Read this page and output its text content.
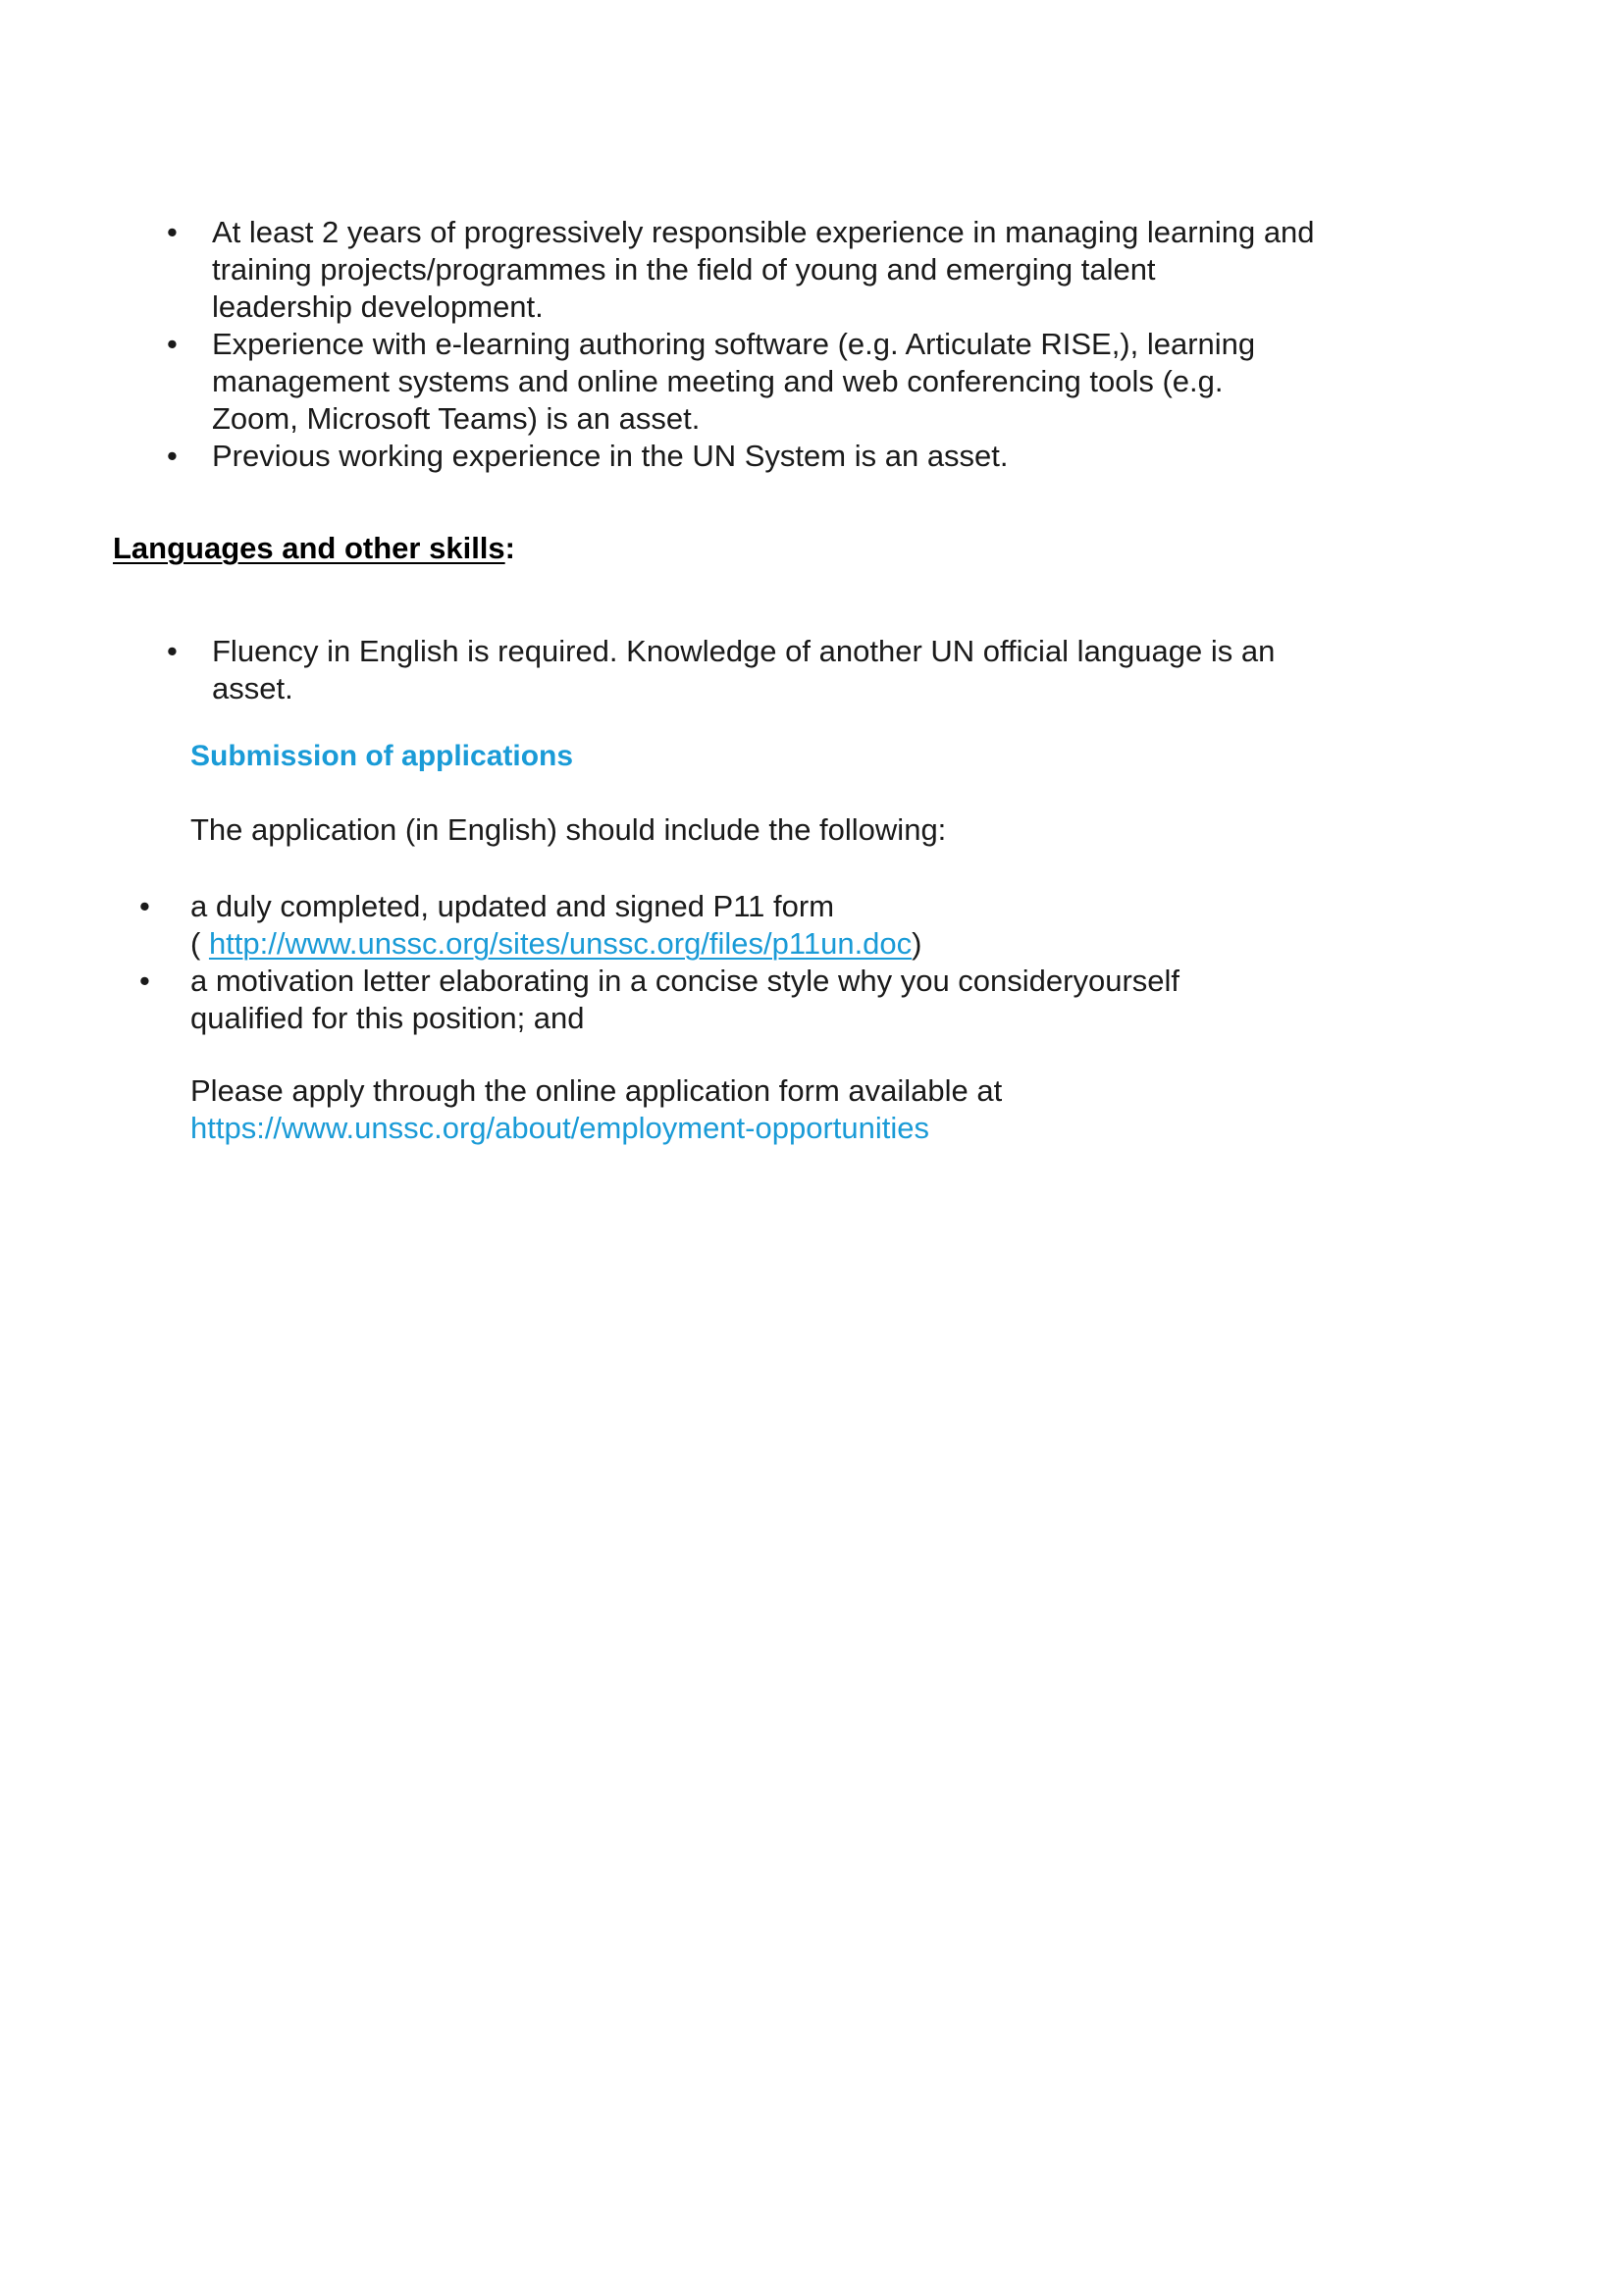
• At least 2 years of progressively responsible experience in managing learning and
training projects/programmes in the field of young and emerging talent
leadership development.
• Experience with e-learning authoring software (e.g. Articulate RISE,), learning
management systems and online meeting and web conferencing tools (e.g.
Zoom, Microsoft Teams) is an asset.
• Previous working experience in the UN System is an asset.
Languages and other skills:
• Fluency in English is required. Knowledge of another UN official language is an
asset.
Submission of applications

The application (in English) should include the following:

• a duly completed, updated and signed P11 form
( http://www.unssc.org/sites/unssc.org/files/p11un.doc)
• a motivation letter elaborating in a concise style why you consideryourself
qualified for this position; and

Please apply through the online application form available at

https://www.unssc.org/about/employment-opportunities
